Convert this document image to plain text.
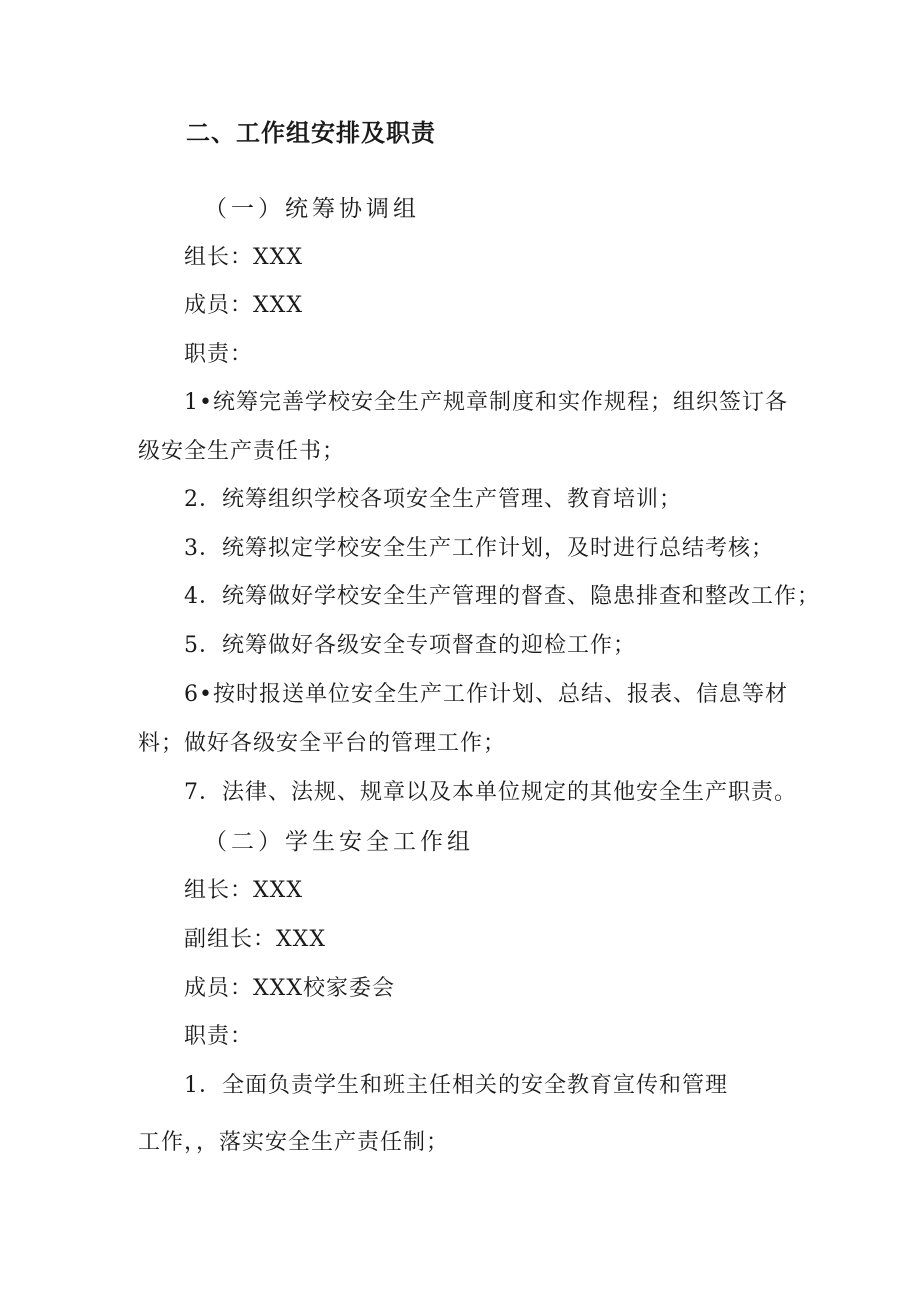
二、工作组安排及职责
（一）统筹协调组
组长：XXX
成员：XXX
职责：
1•统筹完善学校安全生产规章制度和实作规程；组织签订各
级安全生产责任书；
2．统筹组织学校各项安全生产管理、教育培训；
3．统筹拟定学校安全生产工作计划，及时进行总结考核；
4．统筹做好学校安全生产管理的督查、隐患排查和整改工作；
5．统筹做好各级安全专项督查的迎检工作；
6•按时报送单位安全生产工作计划、总结、报表、信息等材
料；做好各级安全平台的管理工作；
7．法律、法规、规章以及本单位规定的其他安全生产职责。
（二）学生安全工作组
组长：XXX
副组长：XXX
成员：XXX校家委会
职责：
1．全面负责学生和班主任相关的安全教育宣传和管理
工作，，落实安全生产责任制；
